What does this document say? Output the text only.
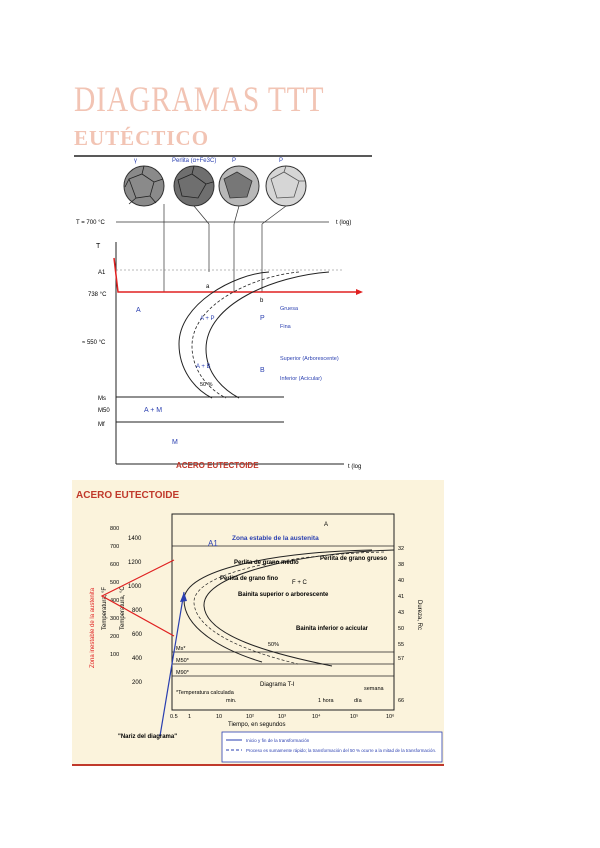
DIAGRAMAS TTT
EUTÉCTICO
γ	Perlita (α+Fe3C)	P	P
T = 700 °C	t (log)
T
A1
738 °C
a
b
A
≈ 550 °C
A + P	P
Gruesa
Fina
A + B
50 %
B
Superior (Arborescente)
Inferior (Acicular)
Ms
M50
Mf
A + M
M
ACERO EUTECTOIDE	t (log
ACERO EUTECTOIDE
1400
1200
1000
800
600
400
200
800
700
600
500
400
300
200
100
Temperatura, °F Temperatura, °C
Zona inestable de la austenita
A1
A
Zona estable de la austenita
Perlita de grano medio
Perlita de grano grueso
Perlita de grano fino
F + C
Bainita superior o arborescente
Bainita inferior o acicular
50%
Ms*
M50*
M90*
Diagrama T-I
*Temperatura calculada
min.	1 hora	día
semana
0.5 1	10	10²	10³	10⁴	10⁵	10⁶
Tiempo, en segundos
32
38
40
41
43
50
55
57
66
Dureza, Rc
"Nariz del diagrama"
Inicio y fin de la transformación
Proceso es sumamente rápido; la transformación del 50 % ocurre a la mitad de la transformación.
